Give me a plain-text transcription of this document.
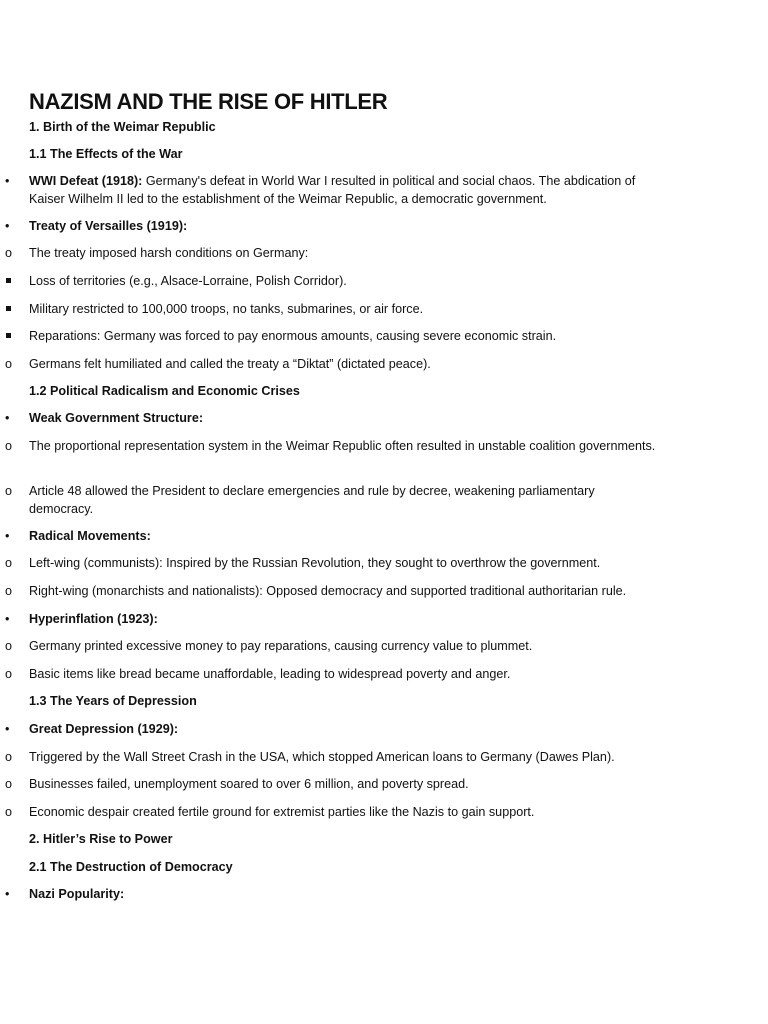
NAZISM AND THE RISE OF HITLER
1. Birth of the Weimar Republic
1.1 The Effects of the War
•
WWI Defeat (1918): Germany's defeat in World War I resulted in political and social chaos. The abdication of Kaiser Wilhelm II led to the establishment of the Weimar Republic, a democratic government.
•
Treaty of Versailles (1919):
o
The treaty imposed harsh conditions on Germany:
Loss of territories (e.g., Alsace-Lorraine, Polish Corridor).
Military restricted to 100,000 troops, no tanks, submarines, or air force.
Reparations: Germany was forced to pay enormous amounts, causing severe economic strain.
o
Germans felt humiliated and called the treaty a “Diktat” (dictated peace).
1.2 Political Radicalism and Economic Crises
•
Weak Government Structure:
o
The proportional representation system in the Weimar Republic often resulted in unstable coalition governments.
o
Article 48 allowed the President to declare emergencies and rule by decree, weakening parliamentary democracy.
•
Radical Movements:
o
Left-wing (communists): Inspired by the Russian Revolution, they sought to overthrow the government.
o
Right-wing (monarchists and nationalists): Opposed democracy and supported traditional authoritarian rule.
•
Hyperinflation (1923):
o
Germany printed excessive money to pay reparations, causing currency value to plummet.
o
Basic items like bread became unaffordable, leading to widespread poverty and anger.
1.3 The Years of Depression
•
Great Depression (1929):
o
Triggered by the Wall Street Crash in the USA, which stopped American loans to Germany (Dawes Plan).
o
Businesses failed, unemployment soared to over 6 million, and poverty spread.
o
Economic despair created fertile ground for extremist parties like the Nazis to gain support.
2. Hitler’s Rise to Power
2.1 The Destruction of Democracy
•
Nazi Popularity:
